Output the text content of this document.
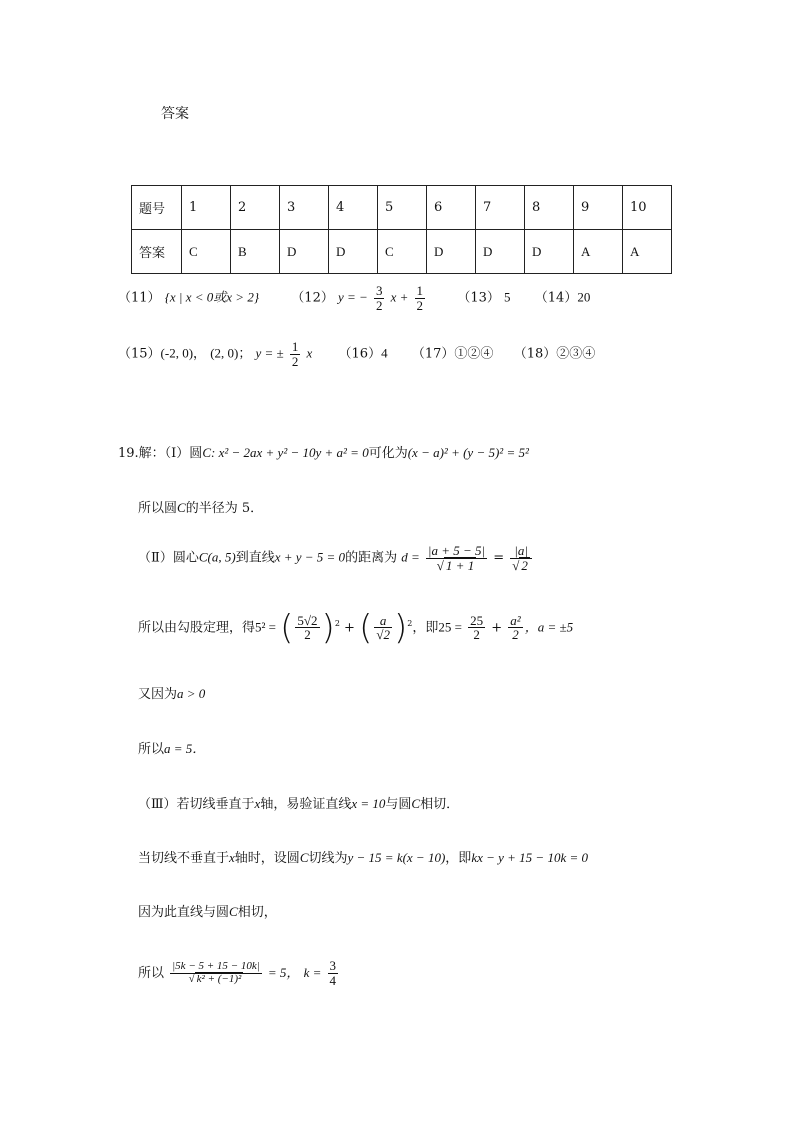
答案
题号	1	2	3	4	5	6	7	8	9	10
答案	C	B	D	D	C	D	D	D	A	A
（11） {x | x < 0或x > 2} （12） y = − $\frac{3}{2}$ $x + \frac{1}{2} (13)$ 5 （14）20
（15）(-2, 0)， (2, 0)； y = ± $\frac{1}{2}$ x （16）4 （17）①②④ （18）②③④
19.解：（Ⅰ）圆C: x² − 2ax + y² − 10y + a² = 0可化为(x − a)² + (y − 5)² = 5²
所以圆C的半径为 5．
（Ⅱ）圆心C(a, 5)到直线x + y − 5 = 0的距离为 $d = \frac{|a + 5 - 5|}{√ 1 + 1} = \frac{|a|}{√ 2}$
所以由勾股定理，得5² = ( $\frac{5√2}{2} )^2$ + ( $\frac{a}{√2} )^2$，即$25 = \frac{25}{2} + \frac{\text{a²}}{2}$ ，a = ±5
又因为a > 0
所以a = 5．
（Ⅲ）若切线垂直于x轴，易验证直线x = 10与圆C相切．
当切线不垂直于x轴时，设圆C切线为y − 15 = k(x − 10)，即kx − y + 15 − 10k = 0
因为此直线与圆C相切，
所以 $\frac{|5k - 5 + 15 - 10k|}{\text{√ k² + (−1)²}} = 5$， $k = \frac{3}{4}$
